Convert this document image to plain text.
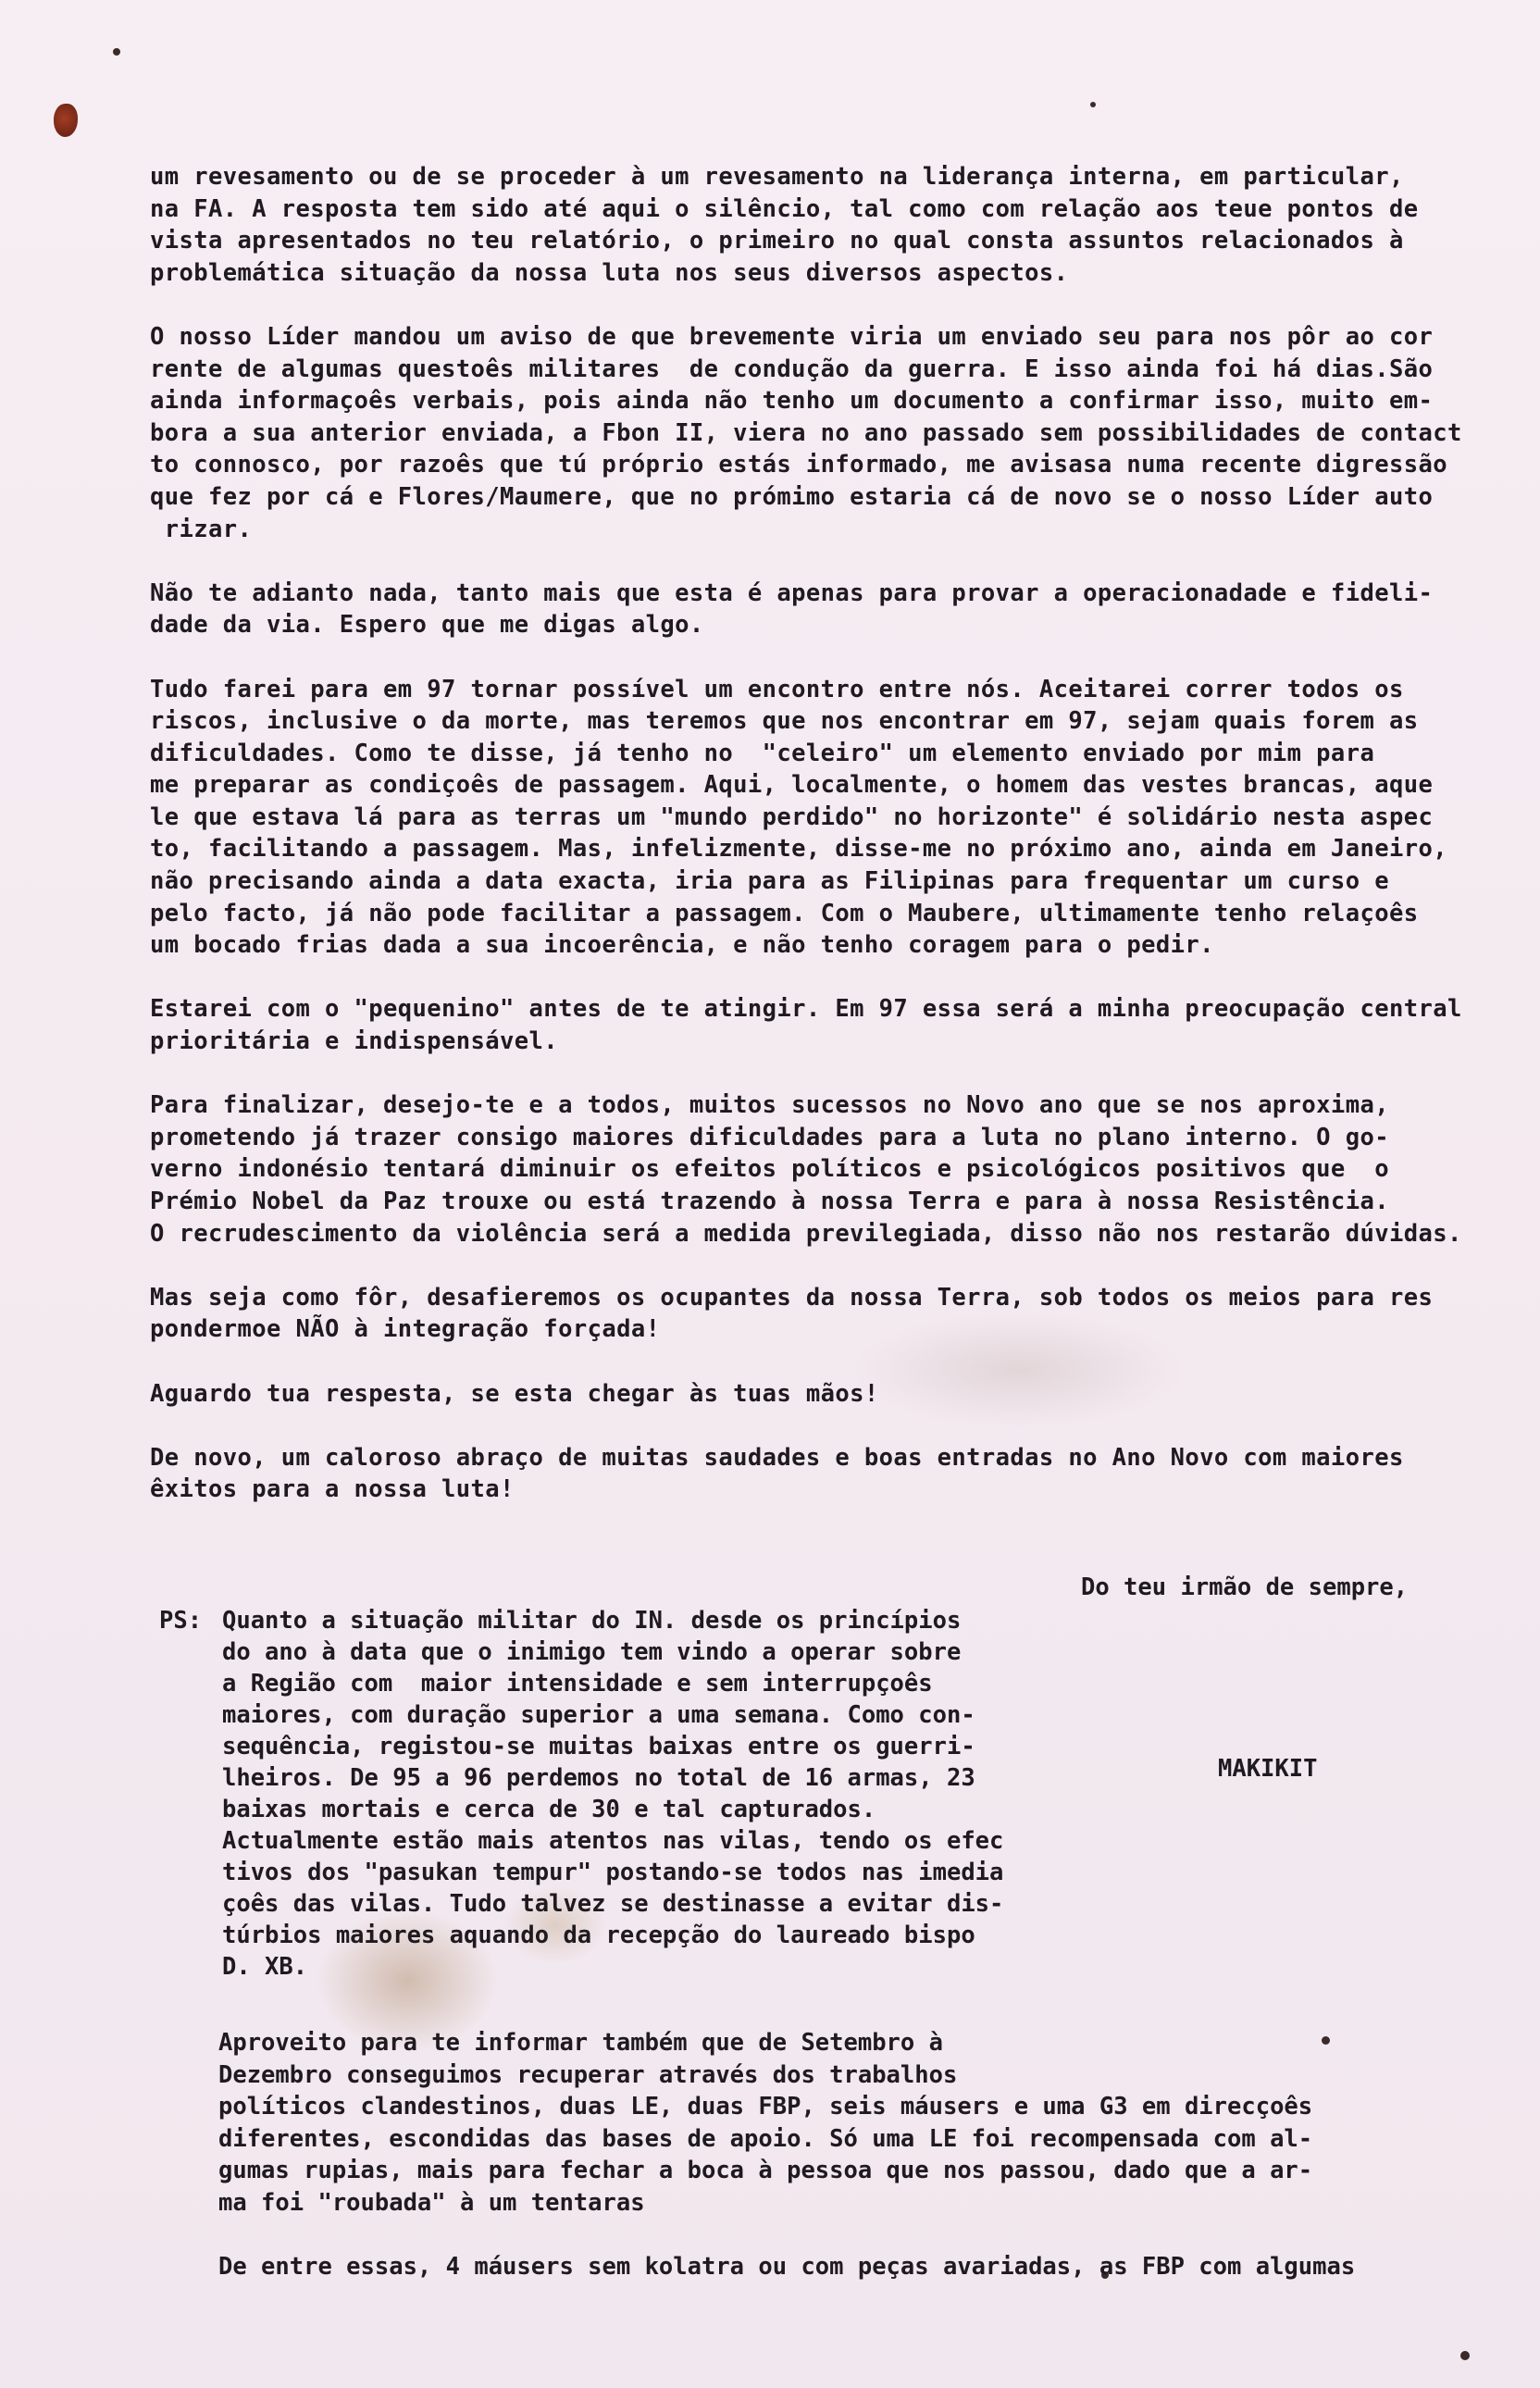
um revesamento ou de se proceder à um revesamento na liderança interna, em particular,
na FA. A resposta tem sido até aqui o silêncio, tal como com relação aos teue pontos de
vista apresentados no teu relatório, o primeiro no qual consta assuntos relacionados à
problemática situação da nossa luta nos seus diversos aspectos.

O nosso Líder mandou um aviso de que brevemente viria um enviado seu para nos pôr ao cor
rente de algumas questoês militares  de condução da guerra. E isso ainda foi há dias.São
ainda informaçoês verbais, pois ainda não tenho um documento a confirmar isso, muito em-
bora a sua anterior enviada, a Fbon II, viera no ano passado sem possibilidades de contact
to connosco, por razoês que tú próprio estás informado, me avisasa numa recente digressão
que fez por cá e Flores/Maumere, que no prómimo estaria cá de novo se o nosso Líder auto
rizar.

Não te adianto nada, tanto mais que esta é apenas para provar a operacionadade e fideli-
dade da via. Espero que me digas algo.

Tudo farei para em 97 tornar possível um encontro entre nós. Aceitarei correr todos os
riscos, inclusive o da morte, mas teremos que nos encontrar em 97, sejam quais forem as
dificuldades. Como te disse, já tenho no  "celeiro" um elemento enviado por mim para
me preparar as condiçoês de passagem. Aqui, localmente, o homem das vestes brancas, aque
le que estava lá para as terras um "mundo perdido" no horizonte" é solidário nesta aspec
to, facilitando a passagem. Mas, infelizmente, disse-me no próximo ano, ainda em Janeiro,
não precisando ainda a data exacta, iria para as Filipinas para frequentar um curso e
pelo facto, já não pode facilitar a passagem. Com o Maubere, ultimamente tenho relaçoês
um bocado frias dada a sua incoerência, e não tenho coragem para o pedir.

Estarei com o "pequenino" antes de te atingir. Em 97 essa será a minha preocupação central
prioritária e indispensável.

Para finalizar, desejo-te e a todos, muitos sucessos no Novo ano que se nos aproxima,
prometendo já trazer consigo maiores dificuldades para a luta no plano interno. O go-
verno indonésio tentará diminuir os efeitos políticos e psicológicos positivos que  o
Prémio Nobel da Paz trouxe ou está trazendo à nossa Terra e para à nossa Resistência.
O recrudescimento da violência será a medida previlegiada, disso não nos restarão dúvidas.

Mas seja como fôr, desafieremos os ocupantes da nossa Terra, sob todos os meios para res
pondermoe NÃO à integração forçada!

Aguardo tua respesta, se esta chegar às tuas mãos!

De novo, um caloroso abraço de muitas saudades e boas entradas no Ano Novo com maiores
êxitos para a nossa luta!

Do teu irmão de sempre,
MAKIKIT

PS:

Quanto a situação militar do IN. desde os princípios
do ano à data que o inimigo tem vindo a operar sobre
a Região com  maior intensidade e sem interrupçoês
maiores, com duração superior a uma semana. Como con-
sequência, registou-se muitas baixas entre os guerri-
lheiros. De 95 a 96 perdemos no total de 16 armas, 23
baixas mortais e cerca de 30 e tal capturados.
Actualmente estão mais atentos nas vilas, tendo os efec
tivos dos "pasukan tempur" postando-se todos nas imedia
çoês das vilas. Tudo talvez se destinasse a evitar dis-
túrbios maiores aquando da recepção do laureado bispo
D. XB.

Aproveito para te informar também que de Setembro à
Dezembro conseguimos recuperar através dos trabalhos
políticos clandestinos, duas LE, duas FBP, seis máusers e uma G3 em direcçoês
diferentes, escondidas das bases de apoio. Só uma LE foi recompensada com al-
gumas rupias, mais para fechar a boca à pessoa que nos passou, dado que a ar-
ma foi "roubada" à um tentaras
De entre essas, 4 máusers sem kolatra ou com peças avariadas, as FBP com algumas
